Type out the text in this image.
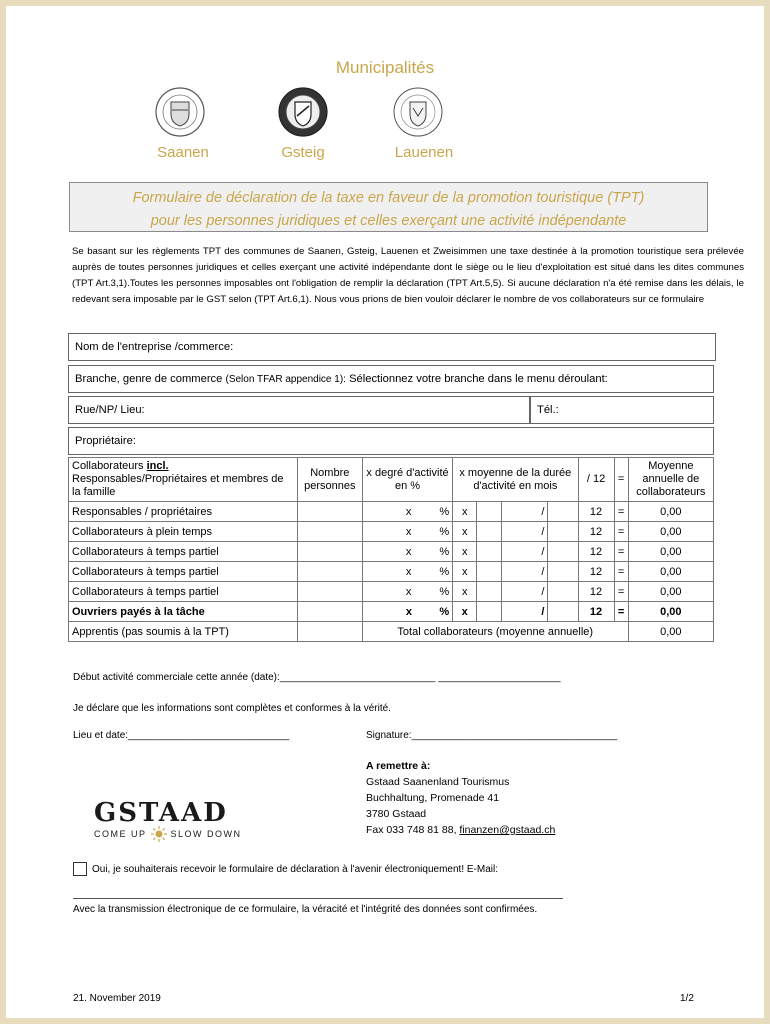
Municipalités
Saanen	Gsteig	Lauenen
Formulaire de déclaration de la taxe en faveur de la promotion touristique (TPT)
pour les personnes juridiques et celles exerçant une activité indépendante
Se basant sur les règlements TPT des communes de Saanen, Gsteig, Lauenen et Zweisimmen une taxe destinée à la promotion touristique sera prélevée auprès de toutes personnes juridiques et celles exerçant une activité indépendante dont le siège ou le lieu d'exploitation est situé dans les dites communes (TPT Art.3,1).Toutes les personnes imposables ont l'obligation de remplir la déclaration (TPT Art.5,5). Si aucune déclaration n'a été remise dans les délais, le redevant sera imposable par le GST selon (TPT Art.6,1). Nous vous prions de bien vouloir déclarer le nombre de vos collaborateurs sur ce formulaire
Nom de l'entreprise /commerce:
Branche, genre de commerce
(Selon TFAR appendice 1):
Sélectionnez votre branche dans le menu déroulant:
Rue/NP/ Lieu:	Tél.:
Propriétaire:
Collaborateurs incl.
Responsables/Propriétaires et membres de la famille	Nombre personnes	x degré d'activité en %	x moyenne de la durée d'activité en mois				/ 12	=	Moyenne annuelle de collaborateurs
Responsables / propriétaires		x %	x		/		12	=	0,00
Collaborateurs à plein temps		x %	x		/		12	=	0,00
Collaborateurs à temps partiel		x %	x		/		12	=	0,00
Collaborateurs à temps partiel		x %	x		/		12	=	0,00
Collaborateurs à temps partiel		x %	x		/		12	=	0,00
Ouvriers payés à la tâche		x %	x		/		12	=	0,00
Apprentis (pas soumis à la TPT)		Total collaborateurs (moyenne annuelle)							0,00
Début activité commerciale cette année (date):____________________________ ______________________
Je déclare que les informations sont complètes et conformes à la vérité.
Lieu et date:_____________________________	Signature:_____________________________________
A remettre à:
Gstaad Saanenland Tourismus
Buchhaltung, Promenade 41
3780 Gstaad
Fax 033 748 81 88, finanzen@gstaad.ch
GSTAAD
COME UP	SLOW DOWN
Oui, je souhaiterais recevoir le formulaire de déclaration à l'avenir électroniquement! E-Mail:
Avec la transmission électronique de ce formulaire, la véracité et l'intégrité des données sont confirmées.
21. November 2019	1/2
